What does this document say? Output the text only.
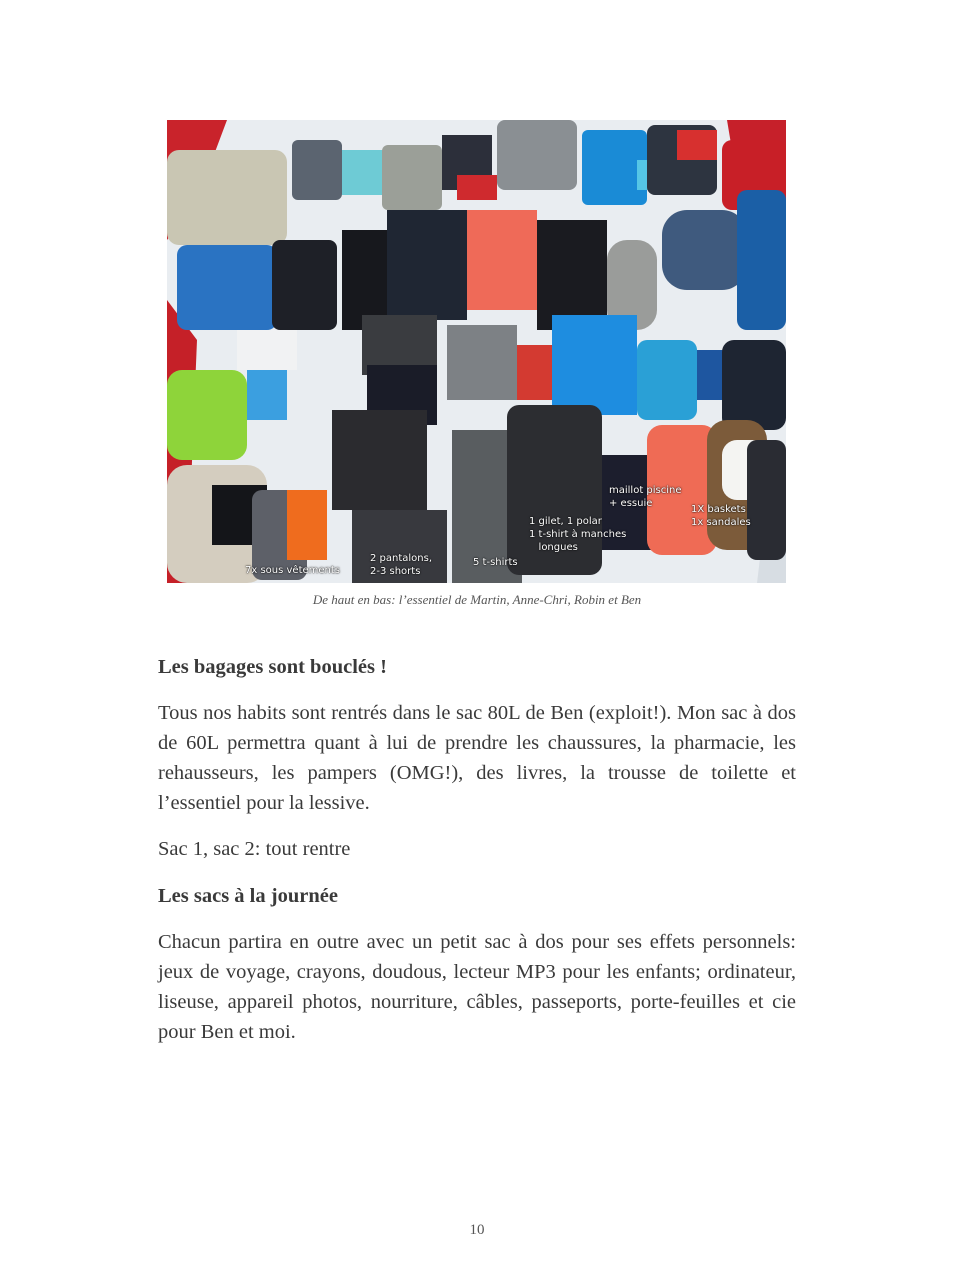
7x sous vêtements
2 pantalons,
2-3 shorts
5 t-shirts
1 gilet, 1 polar
1 t-shirt à manches
longues
maillot piscine
+ essuie
1X baskets
1x sandales
De haut en bas: l’essentiel de Martin, Anne-Chri, Robin et Ben
Les bagages sont bouclés !
Tous nos habits sont rentrés dans le sac 80L de Ben (exploit!). Mon sac à dos de 60L permettra quant à lui de prendre les chaussures, la pharmacie, les rehausseurs, les pampers (OMG!), des livres, la trousse de toilette et l’essentiel pour la lessive.
Sac 1, sac 2: tout rentre
Les sacs à la journée
Chacun partira en outre avec un petit sac à dos pour ses effets personnels: jeux de voyage, crayons, doudous, lecteur MP3 pour les enfants; ordinateur, liseuse, appareil photos, nourriture, câbles, passeports, porte-feuilles et cie pour Ben et moi.
10
